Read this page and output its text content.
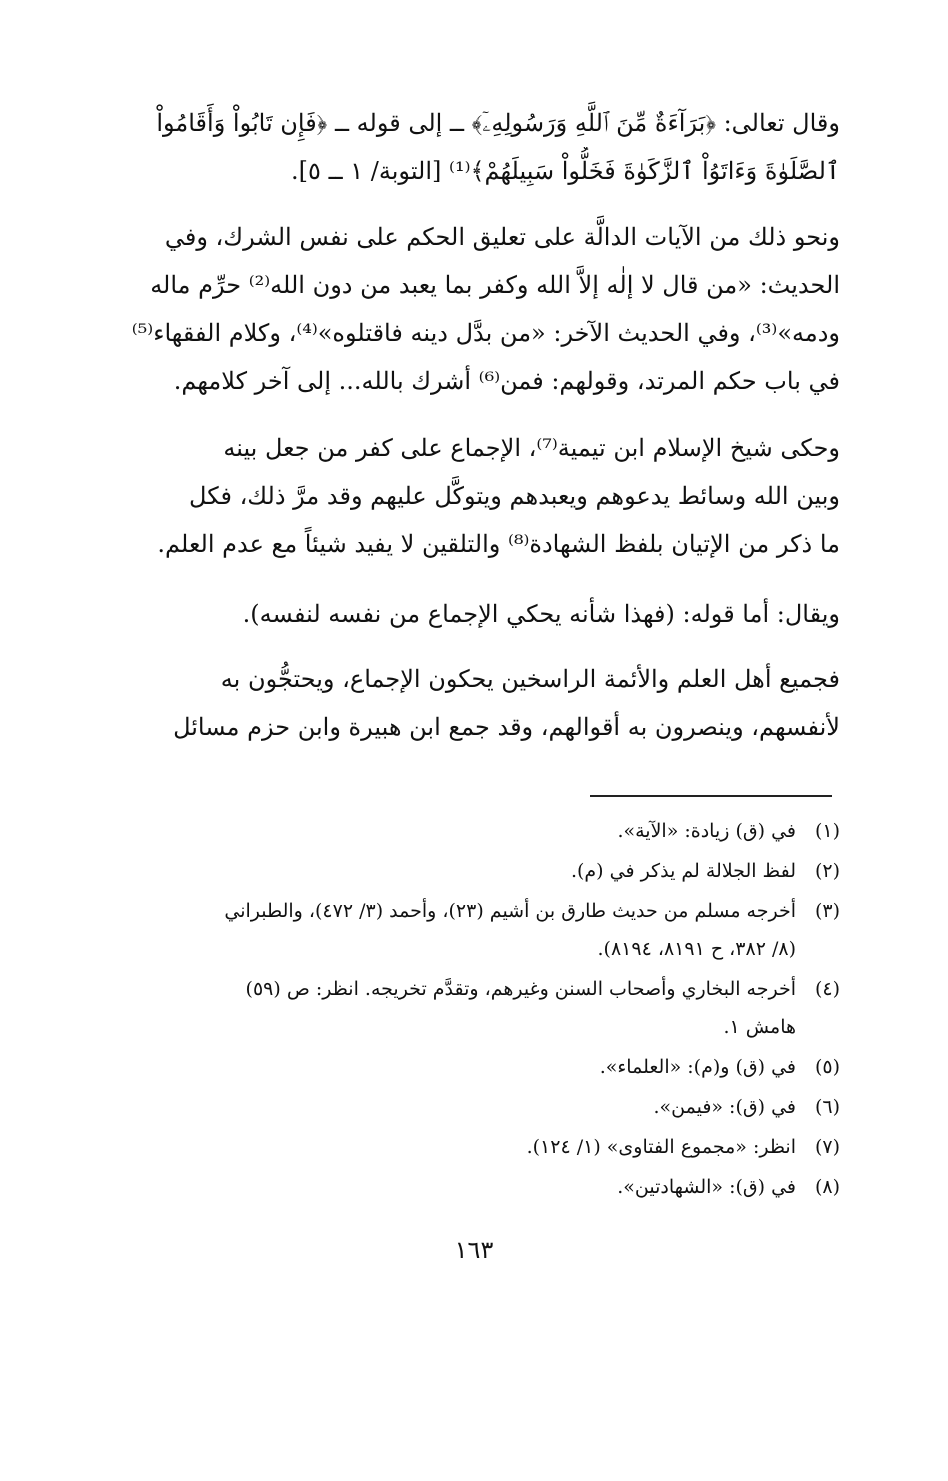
وقال تعالى: ﴿بَرَآءَةٌ مِّنَ ٱللَّهِ وَرَسُولِهِۦٓ﴾ ــ إلى قوله ــ ﴿فَإِن تَابُواْ وَأَقَامُواْ
ٱلصَّلَوٰةَ وَءَاتَوُاْ ٱلزَّكَوٰةَ فَخَلُّواْ سَبِيلَهُمْ﴾⁽¹⁾ [التوبة/ ١ ــ ٥].
ونحو ذلك من الآيات الدالَّة على تعليق الحكم على نفس الشرك، وفي
الحديث: «من قال لا إلٰه إلاَّ الله وكفر بما يعبد من دون الله⁽²⁾ حرِّم ماله
ودمه»⁽³⁾، وفي الحديث الآخر: «من بدَّل دينه فاقتلوه»⁽⁴⁾، وكلام الفقهاء⁽⁵⁾
في باب حكم المرتد، وقولهم: فمن⁽⁶⁾ أشرك بالله... إلى آخر كلامهم.
وحكى شيخ الإسلام ابن تيمية⁽⁷⁾، الإجماع على كفر من جعل بينه
وبين الله وسائط يدعوهم ويعبدهم ويتوكَّل عليهم وقد مرَّ ذلك، فكل
ما ذكر من الإتيان بلفظ الشهادة⁽⁸⁾ والتلقين لا يفيد شيئاً مع عدم العلم.
ويقال: أما قوله: (فهذا شأنه يحكي الإجماع من نفسه لنفسه).
فجميع أهل العلم والأئمة الراسخين يحكون الإجماع، ويحتجُّون به
لأنفسهم، وينصرون به أقوالهم، وقد جمع ابن هبيرة وابن حزم مسائل
(١)
في (ق) زيادة: «الآية».
(٢)
لفظ الجلالة لم يذكر في (م).
(٣)
أخرجه مسلم من حديث طارق بن أشيم (٢٣)، وأحمد (٣/ ٤٧٢)، والطبراني
(٨/ ٣٨٢، ح ٨١٩١، ٨١٩٤).
(٤)
أخرجه البخاري وأصحاب السنن وغيرهم، وتقدَّم تخريجه. انظر: ص (٥٩)
هامش ١.
(٥)
في (ق) و(م): «العلماء».
(٦)
في (ق): «فيمن».
(٧)
انظر: «مجموع الفتاوى» (١/ ١٢٤).
(٨)
في (ق): «الشهادتين».
١٦٣
